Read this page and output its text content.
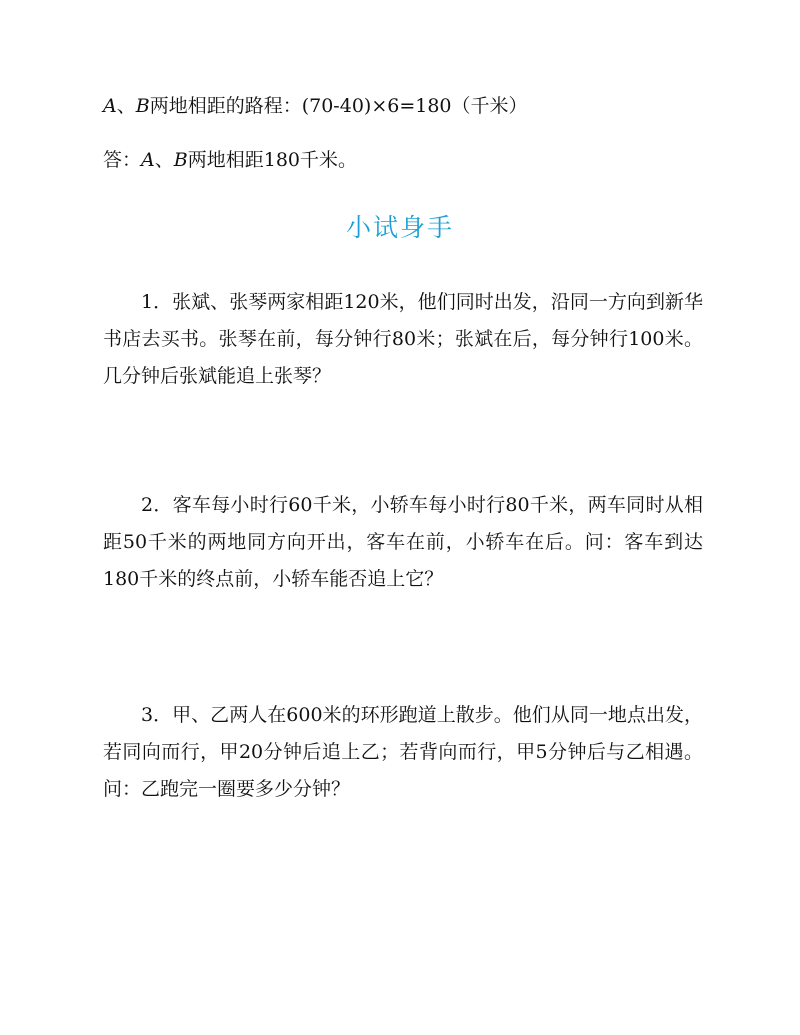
A、B两地相距的路程：(70-40)×6=180（千米）
答：A、B两地相距180千米。
小试身手
1．张斌、张琴两家相距120米，他们同时出发，沿同一方向到新华书店去买书。张琴在前，每分钟行80米；张斌在后，每分钟行100米。几分钟后张斌能追上张琴？
2．客车每小时行60千米，小轿车每小时行80千米，两车同时从相距50千米的两地同方向开出，客车在前，小轿车在后。问：客车到达180千米的终点前，小轿车能否追上它？
3．甲、乙两人在600米的环形跑道上散步。他们从同一地点出发，若同向而行，甲20分钟后追上乙；若背向而行，甲5分钟后与乙相遇。问：乙跑完一圈要多少分钟？
